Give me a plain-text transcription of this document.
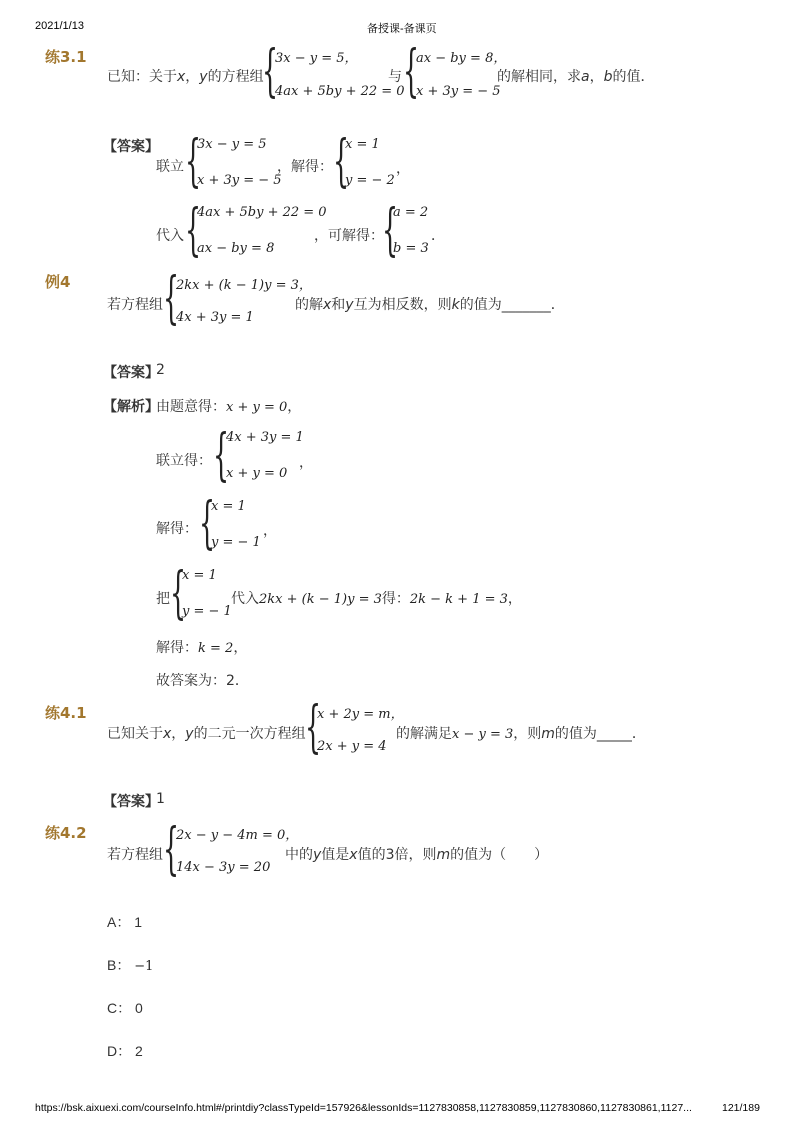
2021/1/13	备授课-备课页
练3.1
已知：关于x，y的方程组
{
3x − y = 5，
4ax + 5by + 22 = 0
与 {
ax − by = 8，
x + 3y = − 5
的解相同，求a，b的值．
【答案】
联立 {
3x − y = 5
x + 3y = − 5
，解得： {
x = 1
y = − 2
，
代入 {
4ax + 5by + 22 = 0
ax − by = 8
，可解得：
{
a = 2
b = 3
．
例4
若方程组 {
2kx + (k − 1)y = 3，
4x + 3y = 1
的解x和y互为相反数，则k的值为_______．
【答案】
2
【解析】
由题意得：x + y = 0，
联立得： {
4x + 3y = 1
x + y = 0
，
解得： {
x = 1
y = − 1
，
把 {
x = 1
y = − 1
代入2kx + (k − 1)y = 3得：2k − k + 1 = 3，
解得：k = 2，
故答案为：2．
练4.1
已知关于x，y的二元一次方程组 {
x + 2y = m，
2x + y = 4
的解满足x − y = 3，则m的值为_____．
【答案】
1
练4.2
若方程组 {
2x − y − 4m = 0，
14x − 3y = 20
中的y值是x值的3倍，则m的值为（　　）
A： 1
B： −1
C： 0
D： 2
https://bsk.aixuexi.com/courseInfo.html#/printdiy?classTypeId=157926&lessonIds=1127830858,1127830859,1127830860,1127830861,1127...	121/189
